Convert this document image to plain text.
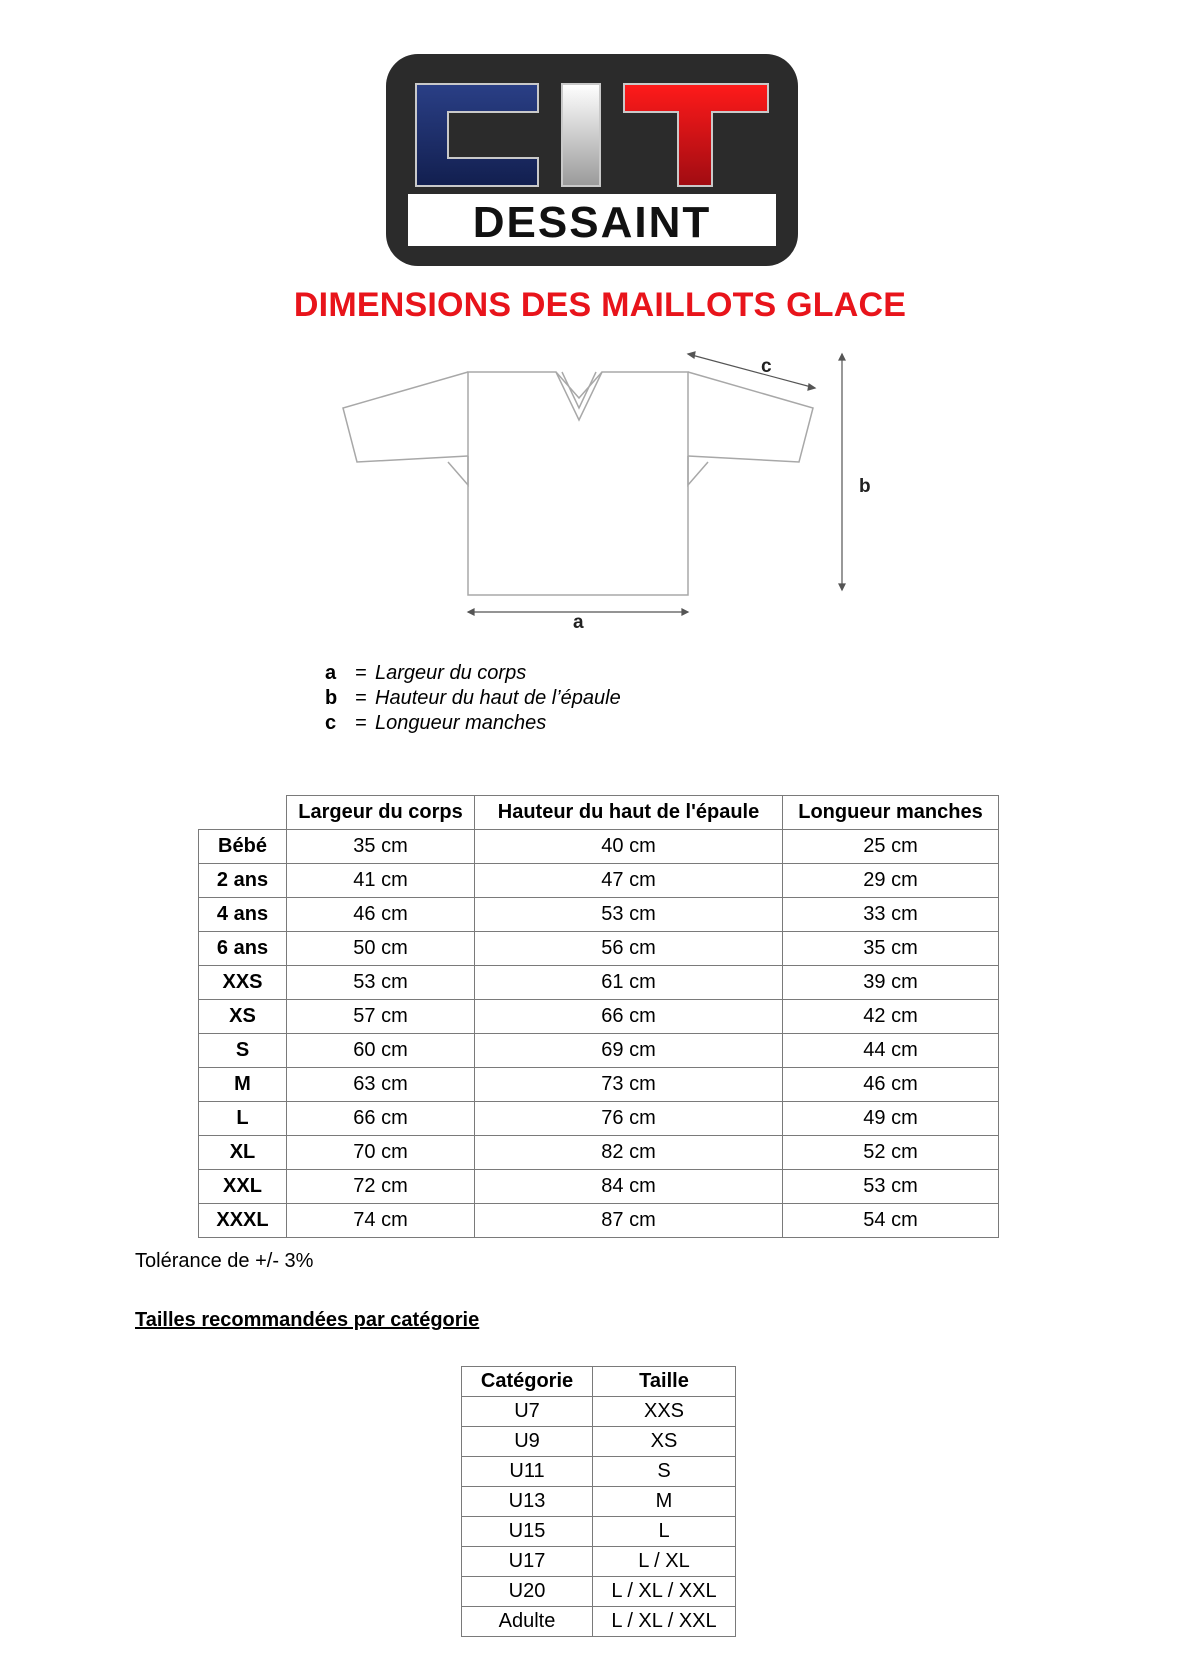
DESSAINT
DIMENSIONS DES MAILLOTS GLACE
a
b
c
a = Largeur du corps
b = Hauteur du haut de l’épaule
c = Longueur manches
	Largeur du corps	Hauteur du haut de l'épaule	Longueur manches
Bébé	35 cm	40 cm	25 cm
2 ans	41 cm	47 cm	29 cm
4 ans	46 cm	53 cm	33 cm
6 ans	50 cm	56 cm	35 cm
XXS	53 cm	61 cm	39 cm
XS	57 cm	66 cm	42 cm
S	60 cm	69 cm	44 cm
M	63 cm	73 cm	46 cm
L	66 cm	76 cm	49 cm
XL	70 cm	82 cm	52 cm
XXL	72 cm	84 cm	53 cm
XXXL	74 cm	87 cm	54 cm
Tolérance de +/- 3%
Tailles recommandées par catégorie
Catégorie	Taille
U7	XXS
U9	XS
U11	S
U13	M
U15	L
U17	L / XL
U20	L / XL / XXL
Adulte	L / XL / XXL
